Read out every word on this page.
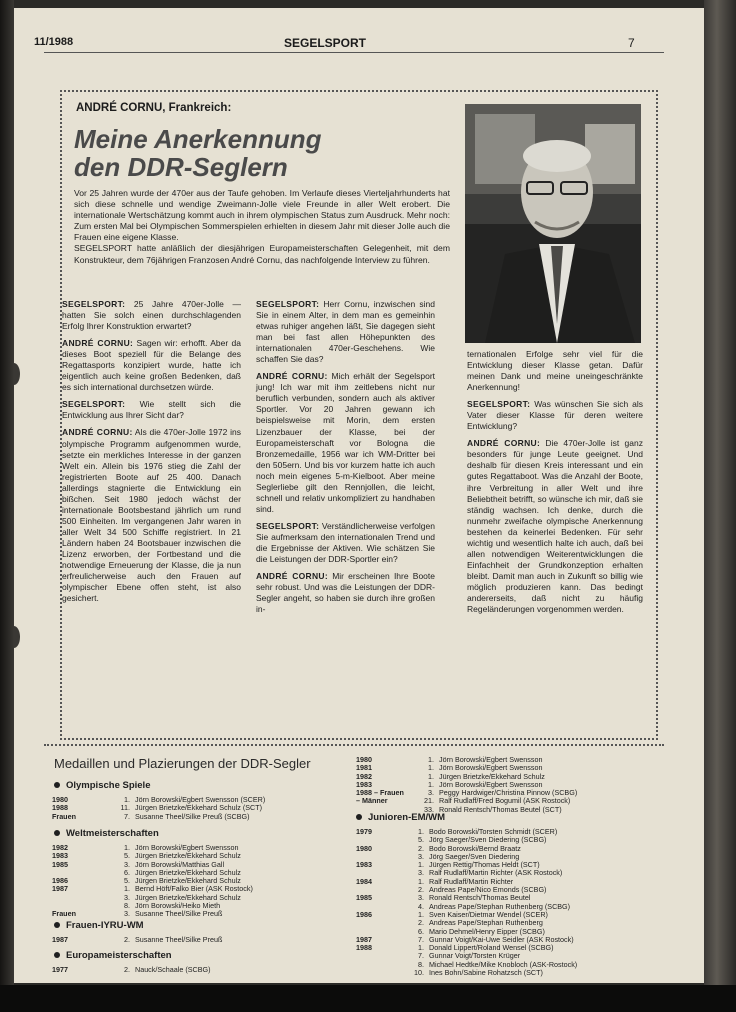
11/1988	SEGELSPORT	7
ANDRÉ CORNU, Frankreich:
Meine Anerkennung
den DDR-Seglern

Vor 25 Jahren wurde der 470er aus der Taufe gehoben. Im Verlaufe dieses Vierteljahrhunderts hat sich diese schnelle und wendige Zweimann-Jolle viele Freunde in aller Welt erobert. Die internationale Wertschätzung kommt auch in ihrem olympischen Status zum Ausdruck. Mehr noch: Zum ersten Mal bei Olympischen Sommerspielen erhielten in diesem Jahr mit dieser Jolle auch die Frauen eine eigene Klasse.

SEGELSPORT hatte anläßlich der diesjährigen Europameisterschaften Gelegenheit, mit dem Konstrukteur, dem 76jährigen Franzosen André Cornu, das nachfolgende Interview zu führen.

SEGELSPORT: 25 Jahre 470er-Jolle — hatten Sie solch einen durchschlagenden Erfolg Ihrer Konstruktion erwartet?

ANDRÉ CORNU: Sagen wir: erhofft. Aber da dieses Boot speziell für die Belange des Regattasports konzipiert wurde, hatte ich eigentlich auch keine großen Bedenken, daß es sich international durchsetzen würde.

SEGELSPORT: Wie stellt sich die Entwicklung aus Ihrer Sicht dar?

ANDRÉ CORNU: Als die 470er-Jolle 1972 ins olympische Programm aufgenommen wurde, setzte ein merkliches Interesse in der ganzen Welt ein. Allein bis 1976 stieg die Zahl der registrierten Boote auf 25 400. Danach allerdings stagnierte die Entwicklung ein bißchen. Seit 1980 jedoch wächst der internationale Bootsbestand jährlich um rund 500 Einheiten. Im vergangenen Jahr waren in aller Welt 34 500 Schiffe registriert. In 21 Ländern haben 24 Bootsbauer inzwischen die Lizenz erworben, der Fortbestand und die notwendige Erneuerung der Klasse, die ja nun erfreulicherweise auch den Frauen auf olympischer Ebene offen steht, ist also gesichert.

SEGELSPORT: Herr Cornu, inzwischen sind Sie in einem Alter, in dem man es gemeinhin etwas ruhiger angehen läßt, Sie dagegen sieht man bei fast allen Höhepunkten des internationalen 470er-Geschehens. Wie schaffen Sie das?

ANDRÉ CORNU: Mich erhält der Segelsport jung! Ich war mit ihm zeitlebens nicht nur beruflich verbunden, sondern auch als aktiver Sportler. Vor 20 Jahren gewann ich beispielsweise mit Morin, dem ersten Lizenzbauer der Klasse, bei der Europameisterschaft vor Bologna die Bronzemedaille, 1956 war ich WM-Dritter bei den 505ern. Und bis vor kurzem hatte ich auch noch mein eigenes 5-m-Kielboot. Aber meine Seglerliebe gilt den Rennjollen, die leicht, schnell und relativ unkompliziert zu handhaben sind.

SEGELSPORT: Verständlicherweise verfolgen Sie aufmerksam den internationalen Trend und die Ergebnisse der Aktiven. Wie schätzen Sie die Leistungen der DDR-Sportler ein?

ANDRÉ CORNU: Mir erscheinen Ihre Boote sehr robust. Und was die Leistungen der DDR-Segler angeht, so haben sie durch ihre großen in-

ternationalen Erfolge sehr viel für die Entwicklung dieser Klasse getan. Dafür meinen Dank und meine uneingeschränkte Anerkennung!

SEGELSPORT: Was wünschen Sie sich als Vater dieser Klasse für deren weitere Entwicklung?

ANDRÉ CORNU: Die 470er-Jolle ist ganz besonders für junge Leute geeignet. Und deshalb für diesen Kreis interessant und ein gutes Regattaboot. Was die Anzahl der Boote, ihre Verbreitung in aller Welt und ihre Beliebtheit betrifft, so wünsche ich mir, daß sie ständig wachsen. Ich denke, durch die nunmehr zweifache olympische Anerkennung bestehen da keinerlei Bedenken. Für sehr wichtig und wesentlich halte ich auch, daß bei allen notwendigen Weiterentwicklungen die Einfachheit der Grundkonzeption erhalten bleibt. Damit man auch in Zukunft so billig wie möglich produzieren kann. Das bedingt andererseits, daß nicht zu häufig Regeländerungen vorgenommen werden.

Medaillen und Plazierungen der DDR-Segler
Olympische Spiele
1980	1. Jörn Borowski/Egbert Swensson (SCER)
1988	11. Jürgen Brietzke/Ekkehard Schulz (SCT)
Frauen	7. Susanne Theel/Silke Preuß (SCBG)
Weltmeisterschaften
1982	1. Jörn Borowski/Egbert Swensson
1983	5. Jürgen Brietzke/Ekkehard Schulz
1985	3. Jörn Borowski/Matthias Gall
6. Jürgen Brietzke/Ekkehard Schulz
1986	5. Jürgen Brietzke/Ekkehard Schulz
1987	1. Bernd Höft/Falko Bier (ASK Rostock)
3. Jürgen Brietzke/Ekkehard Schulz
8. Jörn Borowski/Heiko Mieth
Frauen	3. Susanne Theel/Silke Preuß
Frauen-IYRU-WM
1987	2. Susanne Theel/Silke Preuß
Europameisterschaften
1977	2. Nauck/Schaale (SCBG)
Junioren-EM/WM
1979	1. Bodo Borowski/Torsten Schmidt (SCER)
5. Jörg Saeger/Sven Diedering (SCBG)
1980	2. Bodo Borowski/Bernd Braatz
3. Jörg Saeger/Sven Diedering
1983	1. Jürgen Rettig/Thomas Heldt (SCT)
3. Ralf Rudlaff/Martin Richter (ASK Rostock)
1984	1. Ralf Rudlaff/Martin Richter
2. Andreas Pape/Nico Emonds (SCBG)
1985	3. Ronald Rentsch/Thomas Beutel
4. Andreas Pape/Stephan Ruthenberg (SCBG)
1986	1. Sven Kaiser/Dietmar Wendel (SCER)
2. Andreas Pape/Stephan Ruthenberg
6. Mario Dehmel/Henry Eipper (SCBG)
1987	7. Gunnar Voigt/Kai-Uwe Seidler (ASK Rostock)
1988	1. Donald Lippert/Roland Wensel (SCBG)
7. Gunnar Voigt/Torsten Krüger
8. Michael Hedtke/Mike Knobloch (ASK-Rostock)
10. Ines Bohn/Sabine Rohatzsch (SCT)
1980	1. Jörn Borowski/Egbert Swensson
1981	1. Jörn Borowski/Egbert Swensson
1982	1. Jürgen Brietzke/Ekkehard Schulz
1983	1. Jörn Borowski/Egbert Swensson
1988 – Frauen	3. Peggy Hardwiger/Christina Pinnow (SCBG)
– Männer	21. Ralf Rudlaff/Fred Bogumil (ASK Rostock)
33. Ronald Rentsch/Thomas Beutel (SCT)
